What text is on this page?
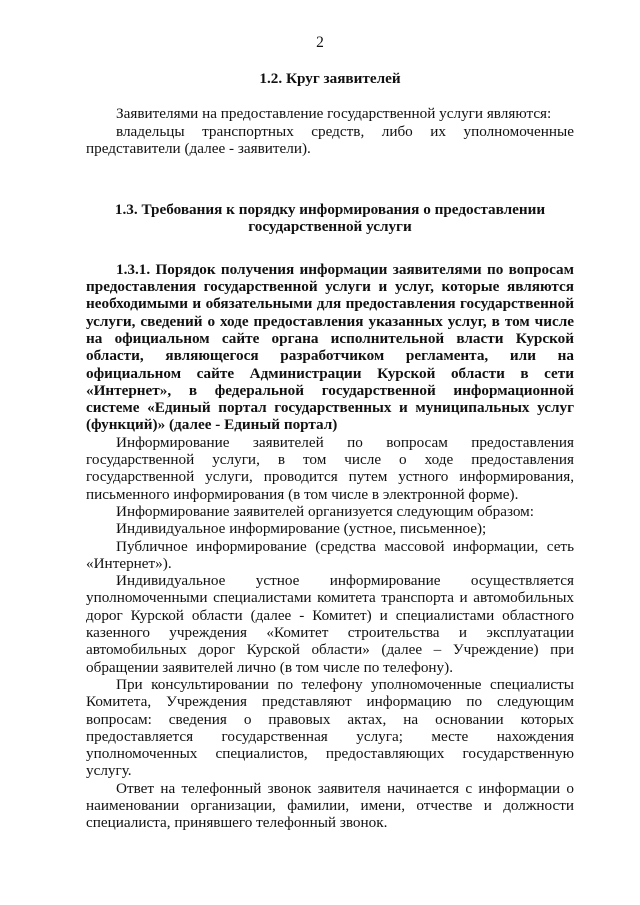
2

1.2. Круг заявителей

Заявителями на предоставление государственной услуги являются:

владельцы транспортных средств, либо их уполномоченные представители (далее - заявители).

1.3. Требования к порядку информирования о предоставлении
государственной услуги

1.3.1. Порядок получения информации заявителями по вопросам предоставления государственной услуги и услуг, которые являются необходимыми и обязательными для предоставления государственной услуги, сведений о ходе предоставления указанных услуг, в том числе на официальном сайте органа исполнительной власти Курской области, являющегося разработчиком регламента, или на официальном сайте Администрации Курской области в сети «Интернет», в федеральной государственной информационной системе «Единый портал государственных и муниципальных услуг (функций)» (далее - Единый портал)

Информирование заявителей по вопросам предоставления государственной услуги, в том числе о ходе предоставления государственной услуги, проводится путем устного информирования, письменного информирования (в том числе в электронной форме).

Информирование заявителей организуется следующим образом:

Индивидуальное информирование (устное, письменное);

Публичное информирование (средства массовой информации, сеть «Интернет»).

Индивидуальное устное информирование осуществляется уполномоченными специалистами комитета транспорта и автомобильных дорог Курской области (далее - Комитет) и специалистами областного казенного учреждения «Комитет строительства и эксплуатации автомобильных дорог Курской области» (далее – Учреждение) при обращении заявителей лично (в том числе по телефону).

При консультировании по телефону уполномоченные специалисты Комитета, Учреждения представляют информацию по следующим вопросам: сведения о правовых актах, на основании которых предоставляется государственная услуга; месте нахождения уполномоченных специалистов, предоставляющих государственную услугу.

Ответ на телефонный звонок заявителя начинается с информации о наименовании организации, фамилии, имени, отчестве и должности специалиста, принявшего телефонный звонок.
